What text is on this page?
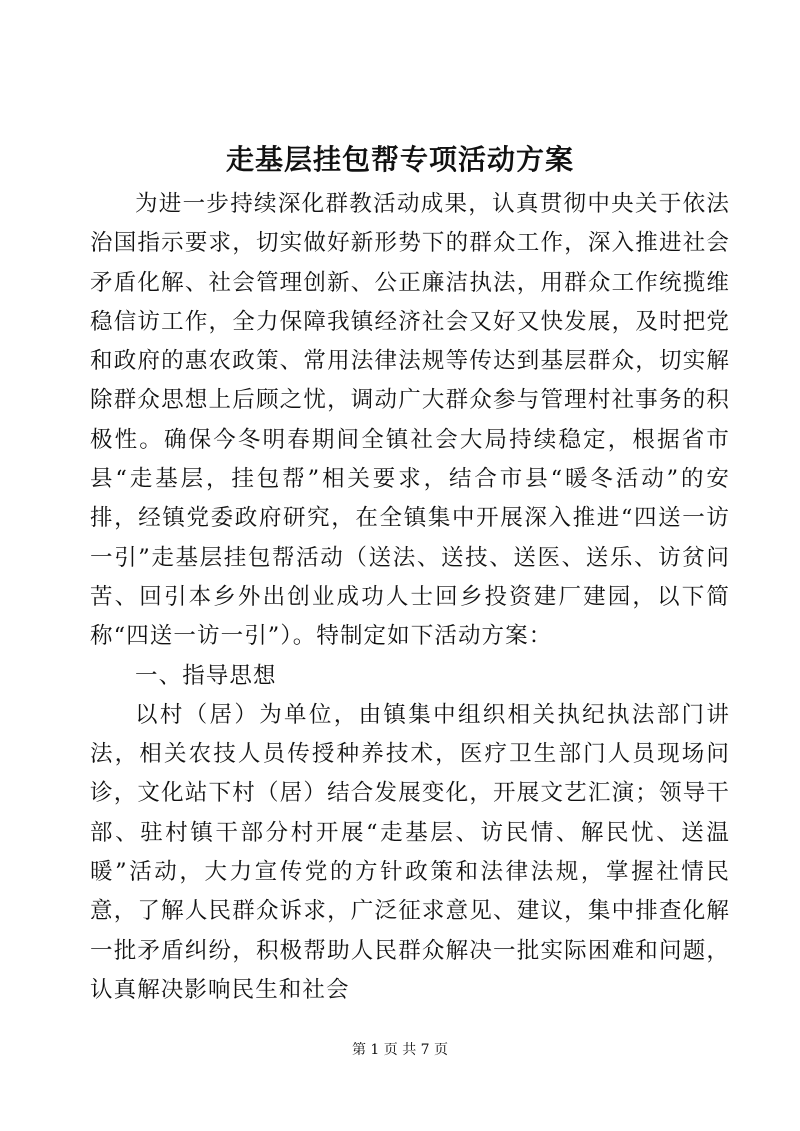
走基层挂包帮专项活动方案

为进一步持续深化群教活动成果，认真贯彻中央关于依法治国指示要求，切实做好新形势下的群众工作，深入推进社会矛盾化解、社会管理创新、公正廉洁执法，用群众工作统揽维稳信访工作，全力保障我镇经济社会又好又快发展，及时把党和政府的惠农政策、常用法律法规等传达到基层群众，切实解除群众思想上后顾之忧，调动广大群众参与管理村社事务的积极性。确保今冬明春期间全镇社会大局持续稳定，根据省市县“走基层，挂包帮”相关要求，结合市县“暖冬活动”的安排，经镇党委政府研究，在全镇集中开展深入推进“四送一访一引”走基层挂包帮活动（送法、送技、送医、送乐、访贫问苦、回引本乡外出创业成功人士回乡投资建厂建园，以下简称“四送一访一引”）。特制定如下活动方案：

一、指导思想

以村（居）为单位，由镇集中组织相关执纪执法部门讲法，相关农技人员传授种养技术，医疗卫生部门人员现场问诊，文化站下村（居）结合发展变化，开展文艺汇演；领导干部、驻村镇干部分村开展“走基层、访民情、解民忧、送温暖”活动，大力宣传党的方针政策和法律法规，掌握社情民意，了解人民群众诉求，广泛征求意见、建议，集中排查化解一批矛盾纠纷，积极帮助人民群众解决一批实际困难和问题，认真解决影响民生和社会

第 1 页 共 7 页
